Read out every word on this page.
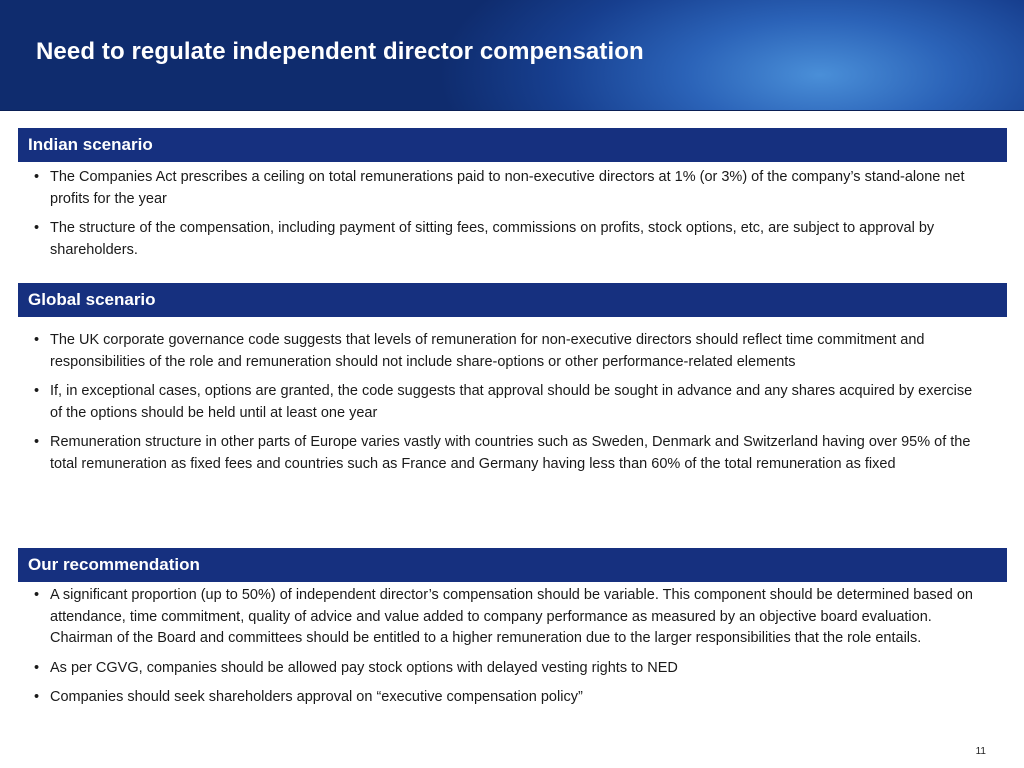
Need to regulate independent director compensation
Indian scenario
• The Companies Act prescribes a ceiling on total remunerations paid to non-executive directors at 1% (or 3%) of the company’s stand-alone net profits for the year
• The structure of the compensation, including payment of sitting fees, commissions on profits, stock options, etc, are subject to approval by shareholders.
Global scenario
• The UK corporate governance code suggests that levels of remuneration for non-executive directors should reflect time commitment and responsibilities of the role and remuneration should not include share-options or other performance-related elements
• If, in exceptional cases, options are granted, the code suggests that approval should be sought in advance and any shares acquired by exercise of the options should be held until at least one year
• Remuneration structure in other parts of Europe varies vastly with countries such as Sweden, Denmark and Switzerland having over 95% of the total remuneration as fixed fees and countries such as France and Germany having less than 60% of the total remuneration as fixed
Our recommendation
• A significant proportion (up to 50%) of independent director’s compensation should be variable. This component should be determined based on attendance, time commitment, quality of advice and value added to company performance as measured by an objective board evaluation. Chairman of the Board and committees should be entitled to a higher remuneration due to the larger responsibilities that the role entails.
• As per CGVG, companies should be allowed pay stock options with delayed vesting rights to NED
• Companies should seek shareholders approval on “executive compensation policy”
11
